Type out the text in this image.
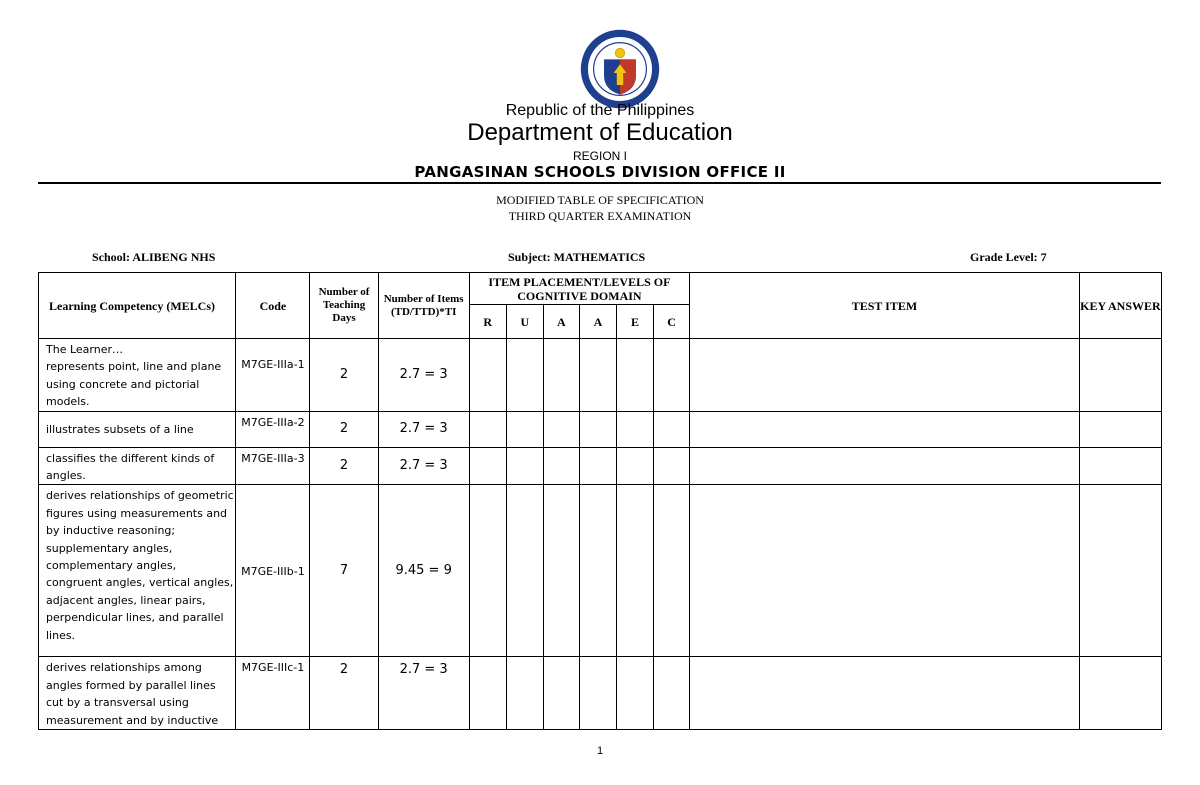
Republic of the Philippines
Department of Education
REGION I
PANGASINAN SCHOOLS DIVISION OFFICE II
MODIFIED TABLE OF SPECIFICATION
THIRD QUARTER EXAMINATION
School: ALIBENG NHS	Subject: MATHEMATICS	Grade Level: 7
Learning Competency (MELCs)	Code	Number of Teaching Days	Number of Items (TD/TTD)*TI	ITEM PLACEMENT/LEVELS OF COGNITIVE DOMAIN						TEST ITEM	KEY ANSWER
				R	U	A	A	E	C		
The Learner…
represents point, line and plane using concrete and pictorial models.	M7GE-IIIa-1	2	2.7 = 3								
illustrates subsets of a line	M7GE-IIIa-2	2	2.7 = 3								
classifies the different kinds of angles.	M7GE-IIIa-3	2	2.7 = 3								
derives relationships of geometric figures using measurements and by inductive reasoning; supplementary angles, complementary angles, congruent angles, vertical angles, adjacent angles, linear pairs, perpendicular lines, and parallel lines.	M7GE-IIIb-1	7	9.45 = 9								
derives relationships among angles formed by parallel lines cut by a transversal using measurement and by inductive	M7GE-IIIc-1	2	2.7 = 3								
1
